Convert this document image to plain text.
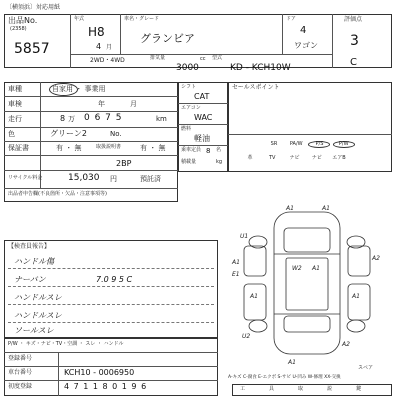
〔横須浜〕対応用紙
出品No.
(2358)
5857
年式
H8
4 月
車名・グレード
グランビア
ドア
4
ワゴン
評価点
3
C
2WD・4WD	排気量
3000
cc 型式
KD - KCH10W
車種	自家用 ・ 事業用
車検	年	月
走行	8 万 0 6 7 5	km
色	グリーン2	No.
保証書	有 ・ 無	取扱説明書	有 ・ 無
2BP
リサイクル料金	15,030 円	預託済
出品者申告欄(不良箇所・欠品・注意事項等)
シフト
CAT
エアコン
WAC
燃料
軽油
乗車定員 8 名
積載量	kg
セールスポイント
SR	PA/W	P/S	P/W
革	TV	ナビ ナビ エアB
【検査員報告】
ハンドル傷
ナーバン	7.0 9 5 C
ハンドルスレ
ハンドルスレ
ソールスレ
P/W ・ キズ・ナビ・TV・空調 ・ スレ ・ ハンドル
登録番号
車台番号	KCH10 - 0006950
初度登録	4 7 1 1 8 0 1 9 6
A1	A1
U1
W2 A1
A1
E1
A2
A1	A1
U2
A2
A1
スペア
A-キズ C-腐食 E-エクボ S-サビ U-凹み W-修理 XX-交換
工具取説鍵
